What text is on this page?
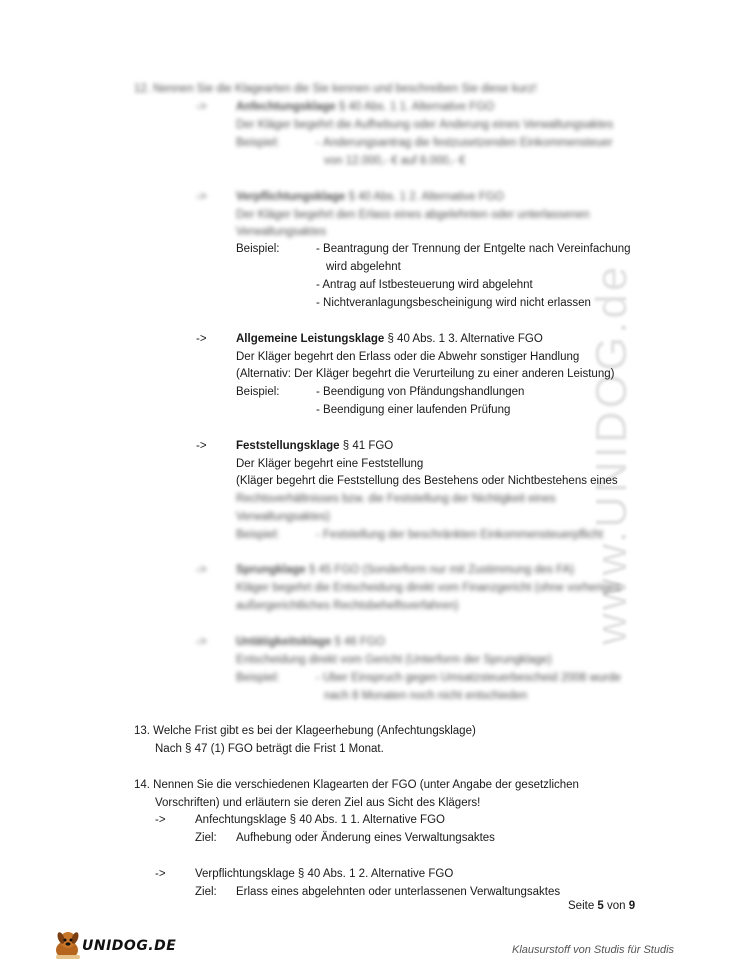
www.UNIDOG.de
12. Nennen Sie die Klagearten die Sie kennen und beschreiben Sie diese kurz!
->	Anfechtungsklage § 40 Abs. 1 1. Alternative FGO
Der Kläger begehrt die Aufhebung oder Änderung eines Verwaltungsaktes
Beispiel:	- Änderungsantrag die festzusetzenden Einkommensteuer
von 12.000,- € auf 8.000,- €
->	Verpflichtungsklage § 40 Abs. 1 2. Alternative FGO
Der Kläger begehrt den Erlass eines abgelehnten oder unterlassenen
Verwaltungsaktes
Beispiel:	- Beantragung der Trennung der Entgelte nach Vereinfachung
wird abgelehnt
- Antrag auf Istbesteuerung wird abgelehnt
- Nichtveranlagungsbescheinigung wird nicht erlassen
->	Allgemeine Leistungsklage § 40 Abs. 1 3. Alternative FGO
Der Kläger begehrt den Erlass oder die Abwehr sonstiger Handlung
(Alternativ: Der Kläger begehrt die Verurteilung zu einer anderen Leistung)
Beispiel:	- Beendigung von Pfändungshandlungen
- Beendigung einer laufenden Prüfung
->	Feststellungsklage § 41 FGO
Der Kläger begehrt eine Feststellung
(Kläger begehrt die Feststellung des Bestehens oder Nichtbestehens eines
Rechtsverhältnisses bzw. die Feststellung der Nichtigkeit eines
Verwaltungsaktes)
Beispiel:	- Feststellung der beschränkten Einkommensteuerpflicht
->	Sprungklage § 45 FGO (Sonderform nur mit Zustimmung des FA)
Kläger begehrt die Entscheidung direkt vom Finanzgericht (ohne vorheriges
außergerichtliches Rechtsbehelfsverfahren)
->	Untätigkeitsklage § 46 FGO
Entscheidung direkt vom Gericht (Unterform der Sprungklage)
Beispiel:	- Über Einspruch gegen Umsatzsteuerbescheid 2008 wurde
nach 8 Monaten noch nicht entschieden
13. Welche Frist gibt es bei der Klageerhebung (Anfechtungsklage)
Nach § 47 (1) FGO beträgt die Frist 1 Monat.
14. Nennen Sie die verschiedenen Klagearten der FGO (unter Angabe der gesetzlichen
Vorschriften) und erläutern sie deren Ziel aus Sicht des Klägers!
->	Anfechtungsklage § 40 Abs. 1 1. Alternative FGO
Ziel: Aufhebung oder Änderung eines Verwaltungsaktes
->	Verpflichtungsklage § 40 Abs. 1 2. Alternative FGO
Ziel: Erlass eines abgelehnten oder unterlassenen Verwaltungsaktes
Seite 5 von 9
UNIDOG.DE	Klausurstoff von Studis für Studis
